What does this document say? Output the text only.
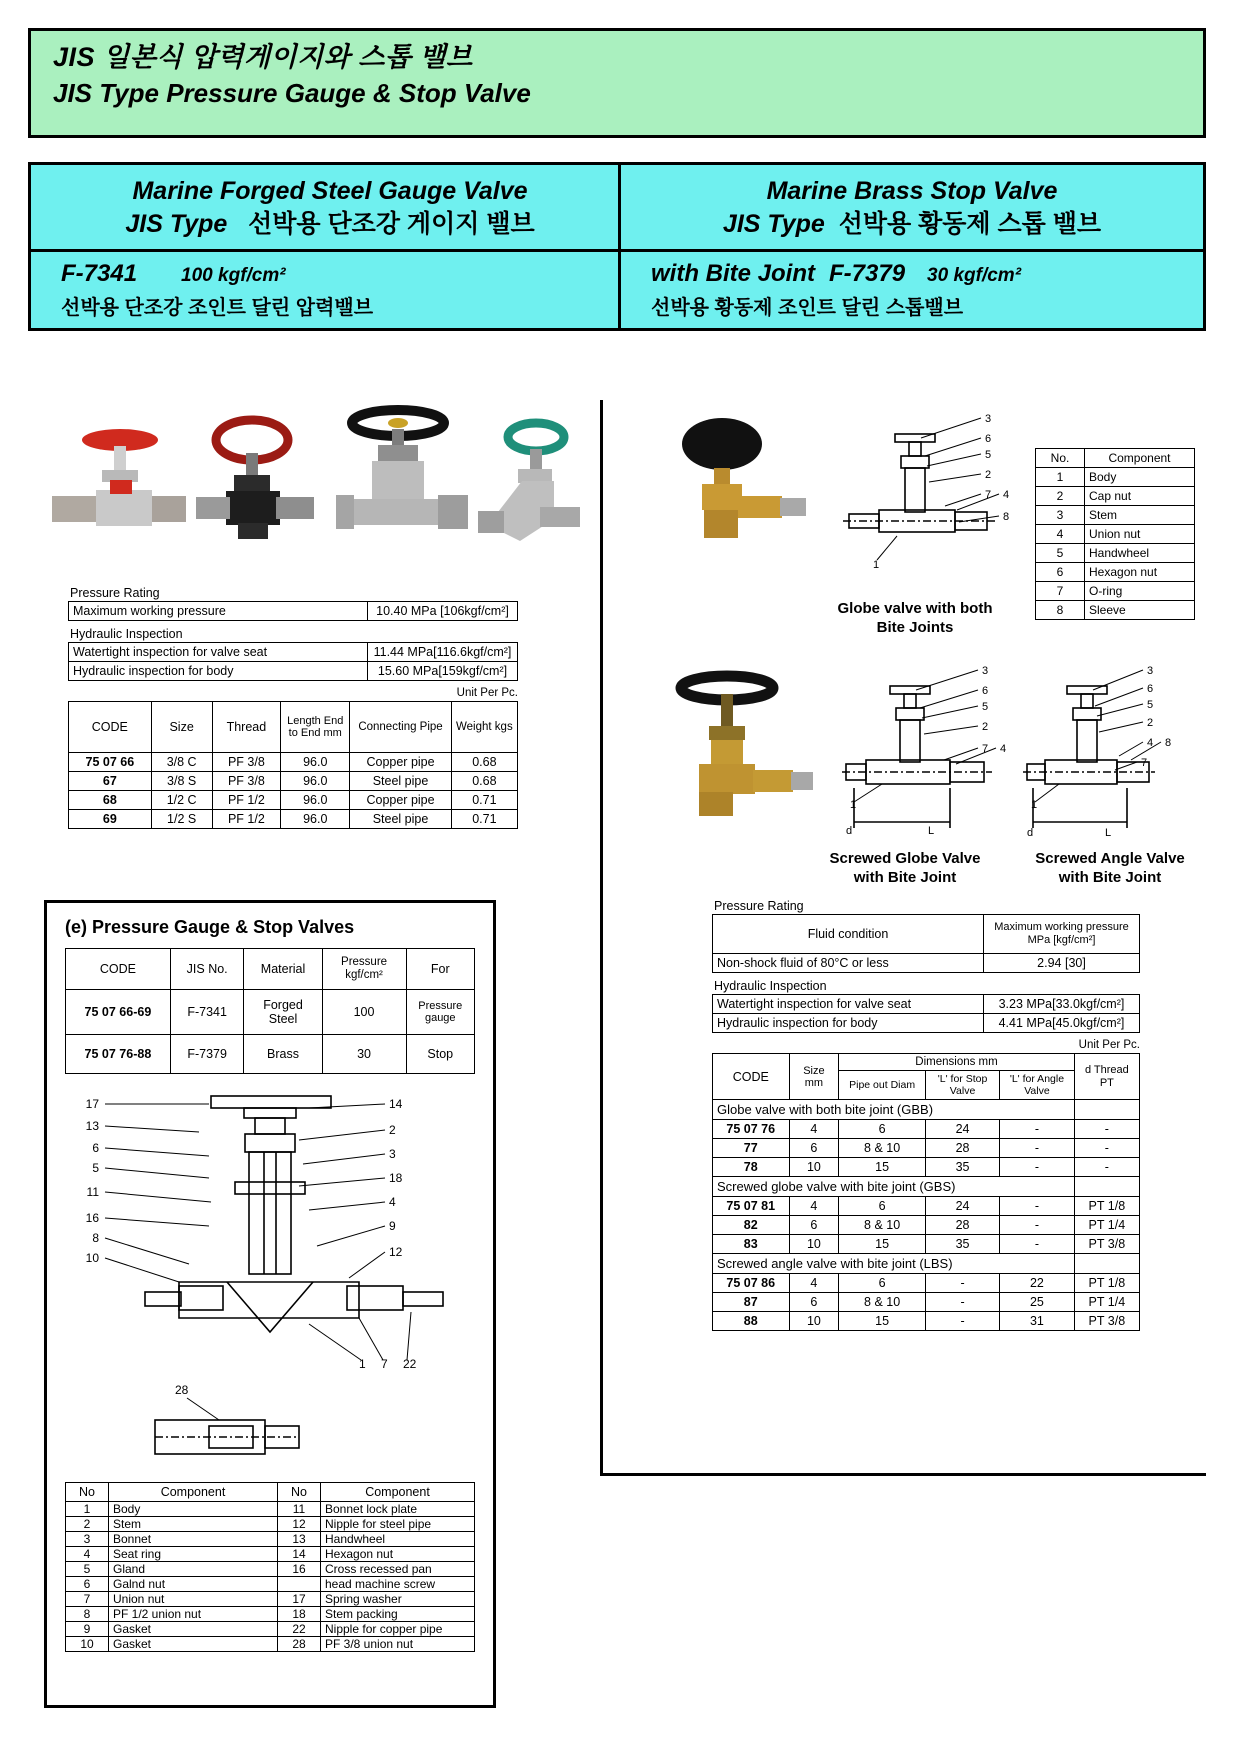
JIS 일본식 압력게이지와 스톱 밸브
JIS Type Pressure Gauge & Stop Valve
Marine Forged Steel Gauge Valve
JIS Type 선박용 단조강 게이지 밸브
F-7341 100 kgf/cm²
선박용 단조강 조인트 달린 압력밸브
Pressure Rating
Maximum working pressure	10.40 MPa [106kgf/cm²]
Hydraulic Inspection
Watertight inspection for valve seat	11.44 MPa[116.6kgf/cm²]
Hydraulic inspection for body	15.60 MPa[159kgf/cm²]
Unit Per Pc.
CODE	Size	Thread	Length End to End mm	Connecting Pipe	Weight kgs
75 07 66	3/8 C	PF 3/8	96.0	Copper pipe	0.68
67	3/8 S	PF 3/8	96.0	Steel pipe	0.68
68	1/2 C	PF 1/2	96.0	Copper pipe	0.71
69	1/2 S	PF 1/2	96.0	Steel pipe	0.71
(e) Pressure Gauge & Stop Valves
CODE	JIS No.	Material	Pressure kgf/cm²	For
75 07 66-69	F-7341	Forged Steel	100	Pressure gauge
75 07 76-88	F-7379	Brass	30	Stop
17
13
6
5
11
16
8
10
14
2
3
18
4
9
12
1 7 22
28
No	Component	No	Component
1	Body	11	Bonnet lock plate
2	Stem	12	Nipple for steel pipe
3	Bonnet	13	Handwheel
4	Seat ring	14	Hexagon nut
5	Gland	16	Cross recessed pan
6	Galnd nut		head machine screw
7	Union nut	17	Spring washer
8	PF 1/2 union nut	18	Stem packing
9	Gasket	22	Nipple for copper pipe
10	Gasket	28	PF 3/8 union nut
Marine Brass Stop Valve
JIS Type 선박용 황동제 스톱 밸브
with Bite Joint F-7379 30 kgf/cm²
선박용 황동제 조인트 달린 스톱밸브
3
6
5
2
7 4
8
1
Globe valve with both
Bite Joints
No.	Component
1	Body
2	Cap nut
3	Stem
4	Union nut
5	Handwheel
6	Hexagon nut
7	O-ring
8	Sleeve
3
6
5
2
7 4
1
L
d
3
6
5
2
4 8
7
1
L
d
Screwed Globe Valve
with Bite Joint
Screwed Angle Valve
with Bite Joint
Pressure Rating
Fluid condition	Maximum working pressure MPa [kgf/cm²]
Non-shock fluid of 80°C or less	2.94 [30]
Hydraulic Inspection
Watertight inspection for valve seat	3.23 MPa[33.0kgf/cm²]
Hydraulic inspection for body	4.41 MPa[45.0kgf/cm²]
Unit Per Pc.
CODE	Size mm	Dimensions mm			d Thread PT
		Pipe out Diam	'L' for Stop Valve	'L' for Angle Valve	
Globe valve with both bite joint (GBB)					
75 07 76	4	6	24	-	-
77	6	8 & 10	28	-	-
78	10	15	35	-	-
Screwed globe valve with bite joint (GBS)					
75 07 81	4	6	24	-	PT 1/8
82	6	8 & 10	28	-	PT 1/4
83	10	15	35	-	PT 3/8
Screwed angle valve with bite joint (LBS)					
75 07 86	4	6	-	22	PT 1/8
87	6	8 & 10	-	25	PT 1/4
88	10	15	-	31	PT 3/8
